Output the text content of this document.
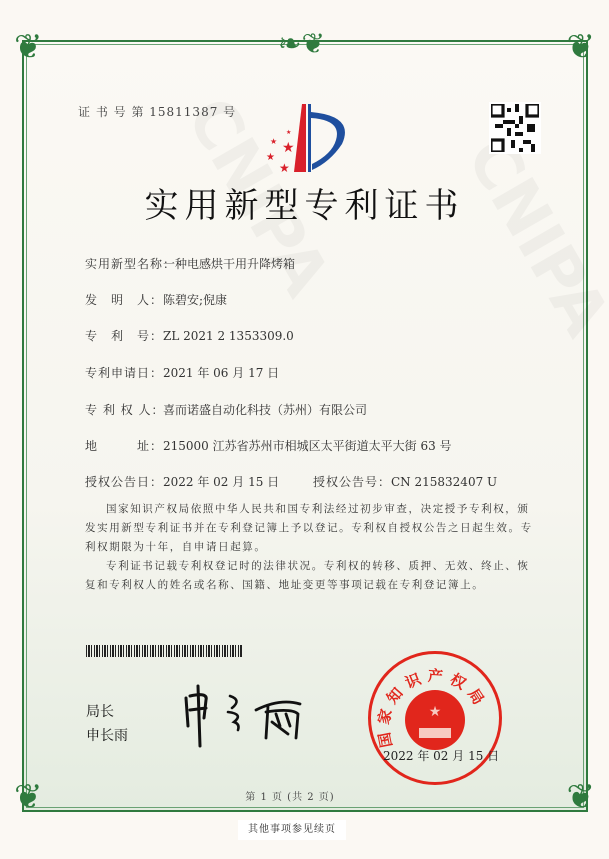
❦	❦
❦	❦
❧❦
证 书 号 第 15811387 号
★
★
★
★
★
实用新型专利证书
实用新型名称：一种电感烘干用升降烤箱
发　明　人：陈碧安;倪康
专　利　号：ZL 2021 2 1353309.0
专利申请日：2021 年 06 月 17 日
专 利 权 人：喜而诺盛自动化科技（苏州）有限公司
地　　　址：215000 江苏省苏州市相城区太平街道太平大街 63 号
授权公告日：2022 年 02 月 15 日	授权公告号：CN 215832407 U

国家知识产权局依照中华人民共和国专利法经过初步审查，决定授予专利权，颁发实用新型专利证书并在专利登记簿上予以登记。专利权自授权公告之日起生效。专利权期限为十年，自申请日起算。

专利证书记载专利权登记时的法律状况。专利权的转移、质押、无效、终止、恢复和专利权人的姓名或名称、国籍、地址变更等事项记载在专利登记簿上。

局长
申长雨	国家知识产权局
★
2022 年 02 月 15 日
第 1 页 (共 2 页)
其他事项参见续页
